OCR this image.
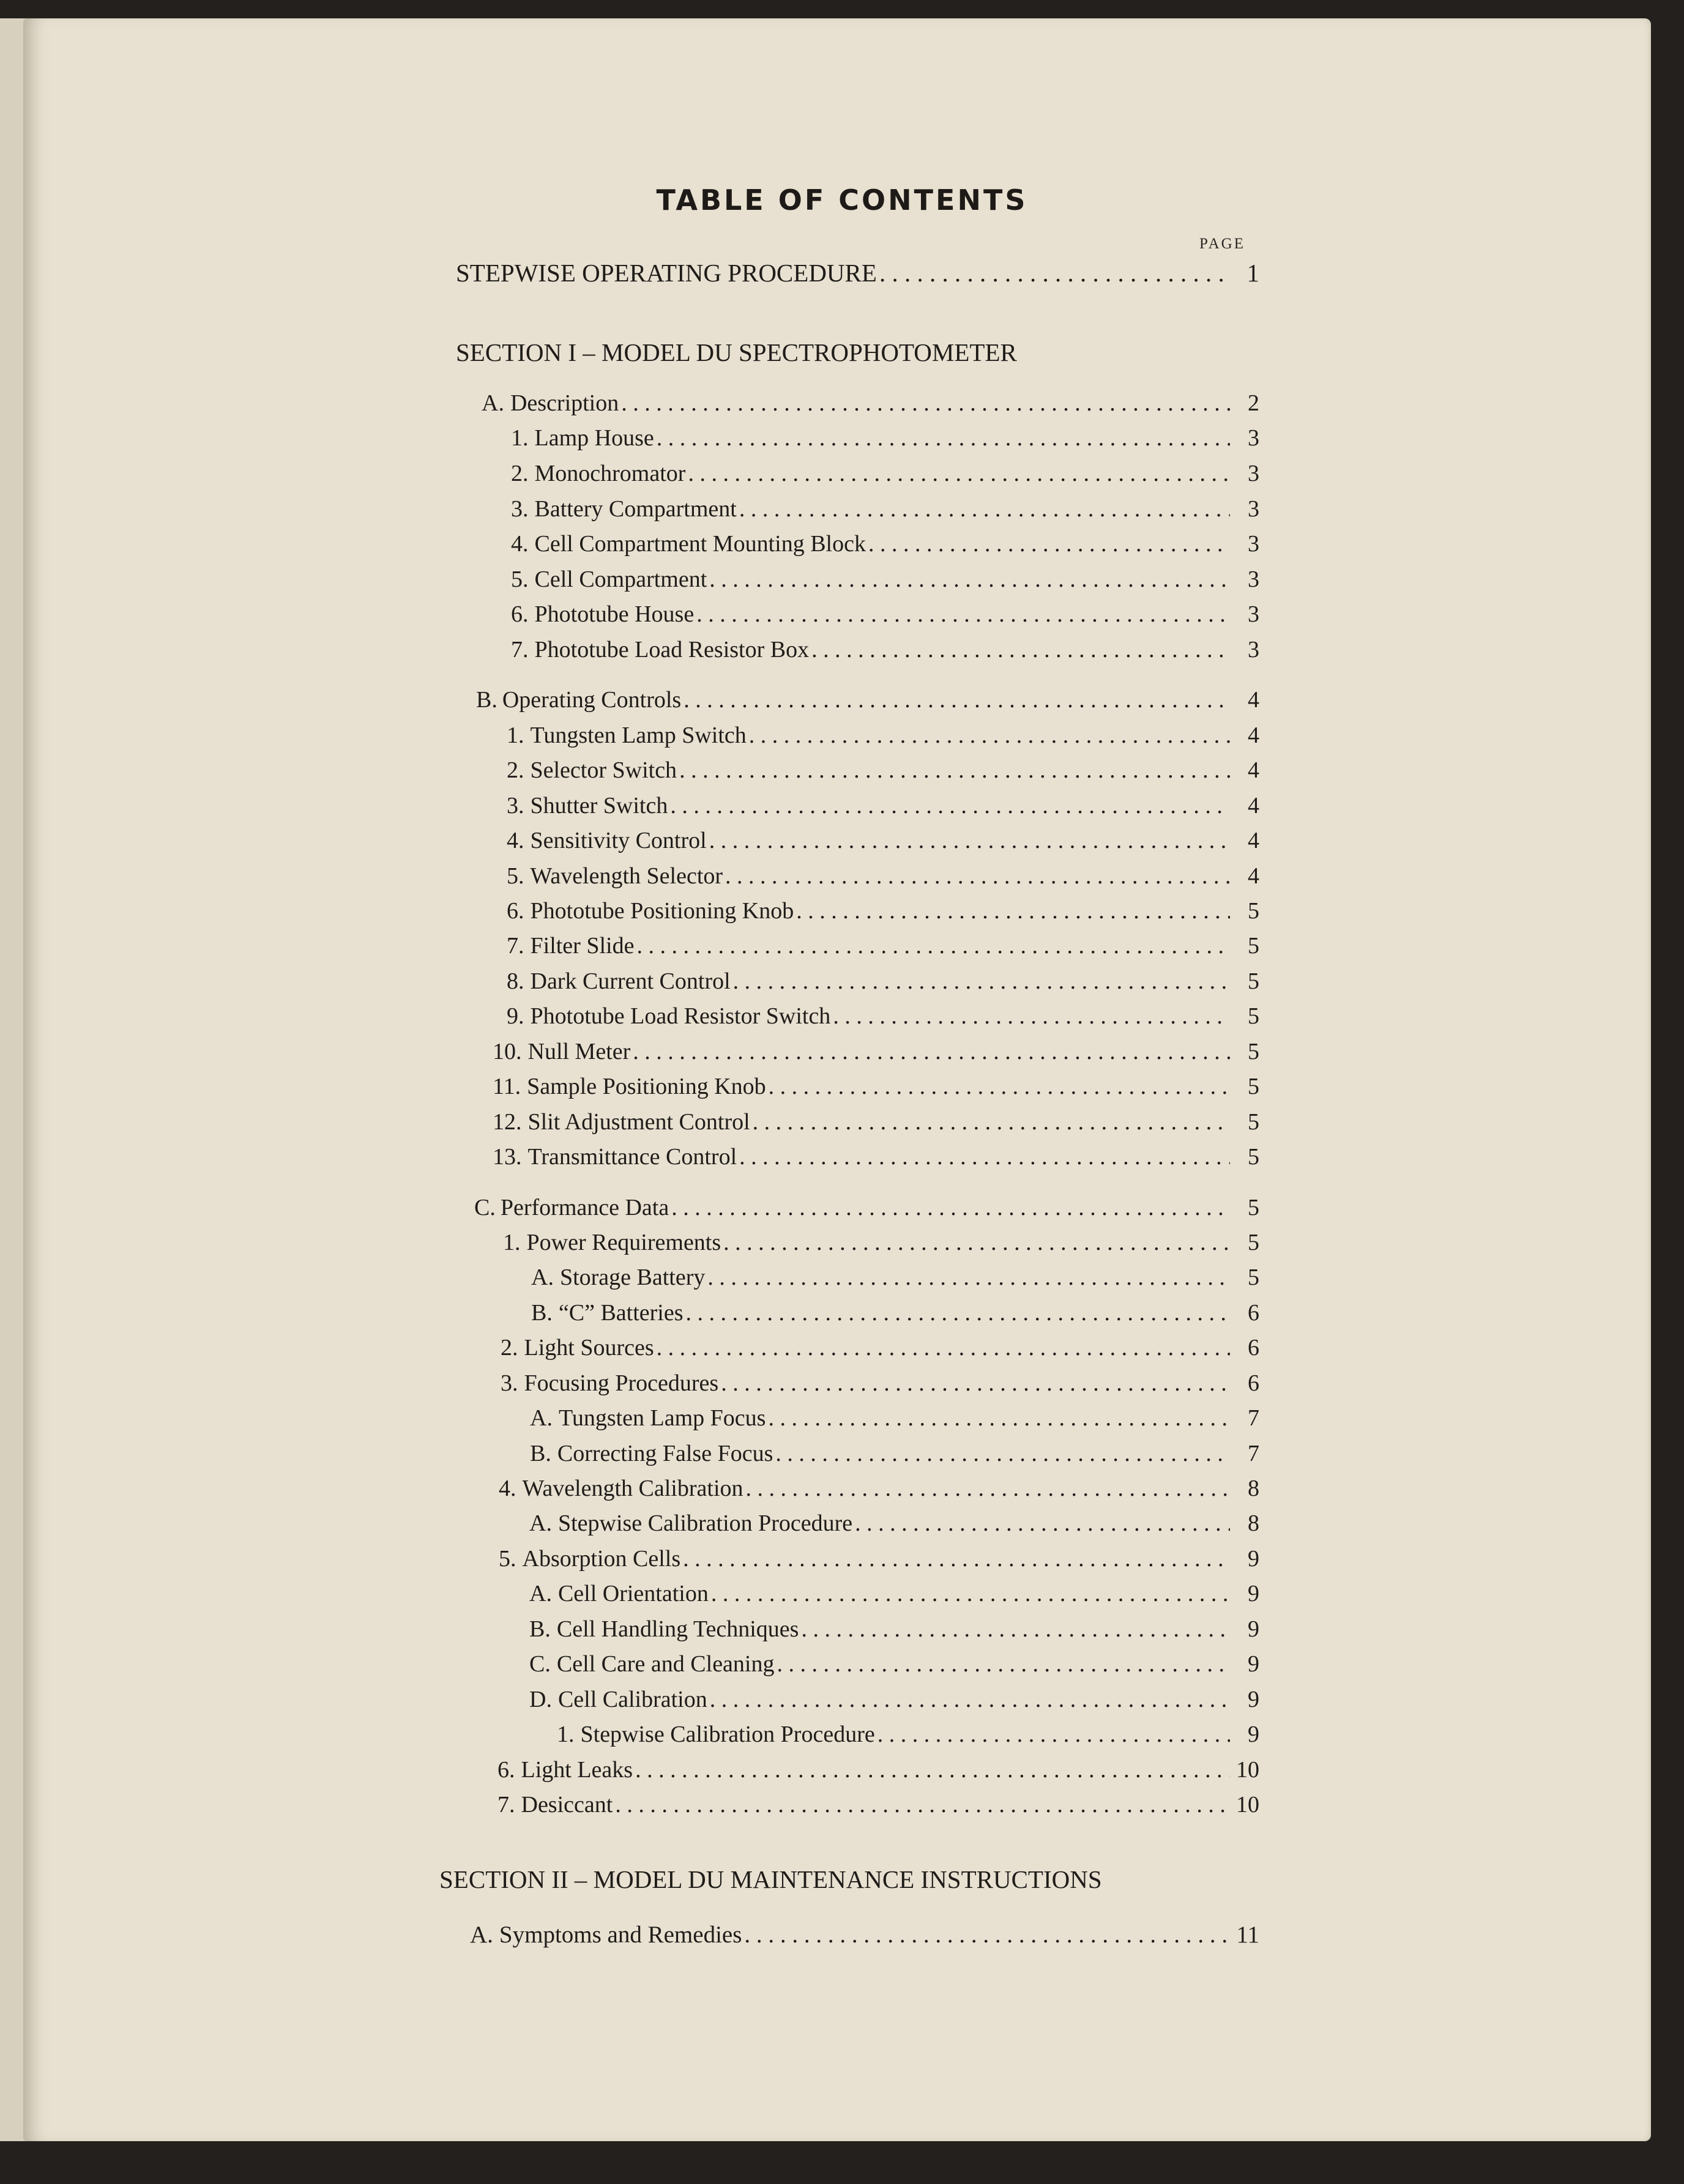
TABLE OF CONTENTS
PAGE
STEPWISE OPERATING PROCEDURE . . .	1
SECTION I – MODEL DU SPECTROPHOTOMETER
A. Description . . .	2
1. Lamp House . . .	3
2. Monochromator . . .	3
3. Battery Compartment . . .	3
4. Cell Compartment Mounting Block . . .	3
5. Cell Compartment . . .	3
6. Phototube House . . .	3
7. Phototube Load Resistor Box . . .	3
B. Operating Controls . . .	4
1. Tungsten Lamp Switch . . .	4
2. Selector Switch . . .	4
3. Shutter Switch . . .	4
4. Sensitivity Control . . .	4
5. Wavelength Selector . . .	4
6. Phototube Positioning Knob . . .	5
7. Filter Slide . . .	5
8. Dark Current Control . . .	5
9. Phototube Load Resistor Switch . . .	5
10. Null Meter . . .	5
11. Sample Positioning Knob . . .	5
12. Slit Adjustment Control . . .	5
13. Transmittance Control . . .	5
C. Performance Data . . .	5
1. Power Requirements . . .	5
A. Storage Battery . . .	5
B. “C” Batteries . . .	6
2. Light Sources . . .	6
3. Focusing Procedures . . .	6
A. Tungsten Lamp Focus . . .	7
B. Correcting False Focus . . .	7
4. Wavelength Calibration . . .	8
A. Stepwise Calibration Procedure . . .	8
5. Absorption Cells . . .	9
A. Cell Orientation . . .	9
B. Cell Handling Techniques . . .	9
C. Cell Care and Cleaning . . .	9
D. Cell Calibration . . .	9
1. Stepwise Calibration Procedure . . .	9
6. Light Leaks . . .	10
7. Desiccant . . .	10
SECTION II – MODEL DU MAINTENANCE INSTRUCTIONS
A. Symptoms and Remedies . . .	11
